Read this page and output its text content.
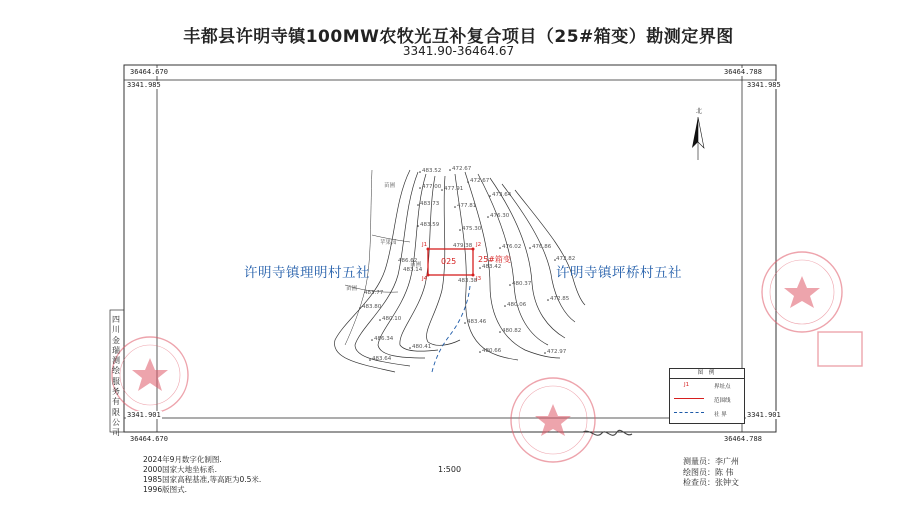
丰都县许明寺镇100MW农牧光互补复合项目（25#箱变）勘测定界图
3341.90-36464.67
36464.670
3341.985
36464.788
3341.985
3341.901
36464.670
3341.901
36464.788
四
川
金
瑞
测
绘
服
务
有
限
公
司
许明寺镇理明村五社	许明寺镇坪桥村五社
025	25#箱变
J1	J2
J3
J4
北
苗圃
苗圃
苗圃
苹果园
483.52 472.67
472.67
477.91
477.00
473.64
477.81
476.30
483.73
475.30
483.59
483.42
476.02
479.38	476.86
472.82
486.62
483.38	480.37
483.14
480.06
472.85
480.82
472.97
483.80
483.46
480.66
480.10
486.34
480.41
483.77
483.64
图 例
J1	界址点
范围线
社 界
2024年9月数字化制图.
2000国家大地坐标系.
1985国家高程基准,等高距为0.5米.
1996版图式.
1:500
测量员：李广州
绘图员：陈 伟
检查员：张钟文
